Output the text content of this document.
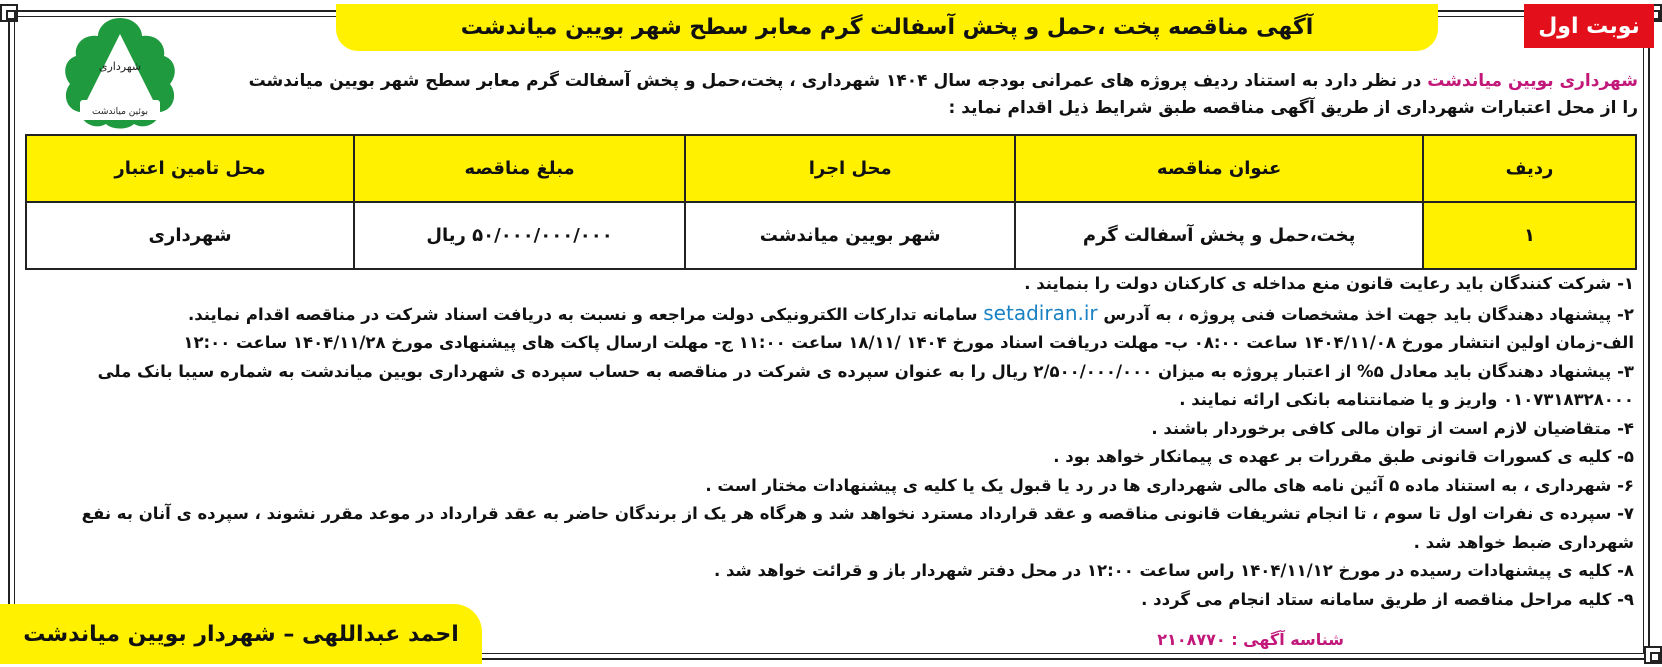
آگهی مناقصه پخت ،حمل و پخش آسفالت گرم معابر سطح شهر بویین میاندشت	نوبت اول
شهرداری
بوئین میاندشت
شهرداری بویین میاندشت در نظر دارد به استناد ردیف پروژه های عمرانی بودجه سال ۱۴۰۴ شهرداری ، پخت،حمل و پخش آسفالت گرم معابر سطح شهر بویین میاندشت را از محل اعتبارات شهرداری از طریق آگهی مناقصه طبق شرایط ذیل اقدام نماید :
ردیف	عنوان مناقصه	محل اجرا	مبلغ مناقصه	محل تامین اعتبار
۱	پخت،حمل و پخش آسفالت گرم	شهر بویین میاندشت	۵۰/۰۰۰/۰۰۰/۰۰۰ ریال	شهرداری

۱- شرکت کنندگان باید رعایت قانون منع مداخله ی کارکنان دولت را بنمایند .

۲- پیشنهاد دهندگان باید جهت اخذ مشخصات فنی پروژه ، به آدرس setadiran.ir سامانه تدارکات الکترونیکی دولت مراجعه و نسبت به دریافت اسناد شرکت در مناقصه اقدام نمایند.

الف-زمان اولین انتشار مورخ ۱۴۰۴/۱۱/۰۸ ساعت ۰۸:۰۰ ب- مهلت دریافت اسناد مورخ ۱۴۰۴ /۱۸/۱۱ ساعت ۱۱:۰۰ ج- مهلت ارسال پاکت های پیشنهادی مورخ ۱۴۰۴/۱۱/۲۸ ساعت ۱۲:۰۰

۳- پیشنهاد دهندگان باید معادل ۵% از اعتبار پروژه به میزان ۲/۵۰۰/۰۰۰/۰۰۰ ریال را به عنوان سپرده ی شرکت در مناقصه به حساب سپرده ی شهرداری بویین میاندشت به شماره سیبا بانک ملی ۰۱۰۷۳۱۸۳۲۸۰۰۰ واریز و یا ضمانتنامه بانکی ارائه نمایند .

۴- متقاضیان لازم است از توان مالی کافی برخوردار باشند .

۵- کلیه ی کسورات قانونی طبق مقررات بر عهده ی پیمانکار خواهد بود .

۶- شهرداری ، به استناد ماده ۵ آئین نامه های مالی شهرداری ها در رد یا قبول یک یا کلیه ی پیشنهادات مختار است .

۷- سپرده ی نفرات اول تا سوم ، تا انجام تشریفات قانونی مناقصه و عقد قرارداد مسترد نخواهد شد و هرگاه هر یک از برندگان حاضر به عقد قرارداد در موعد مقرر نشوند ، سپرده ی آنان به نفع شهرداری ضبط خواهد شد .

۸- کلیه ی پیشنهادات رسیده در مورخ ۱۴۰۴/۱۱/۱۲ راس ساعت ۱۲:۰۰ در محل دفتر شهردار باز و قرائت خواهد شد .

۹- کلیه مراحل مناقصه از طریق سامانه ستاد انجام می گردد .

شناسه آگهی : ۲۱۰۸۷۷۰
احمد عبداللهی – شهردار بویین میاندشت
